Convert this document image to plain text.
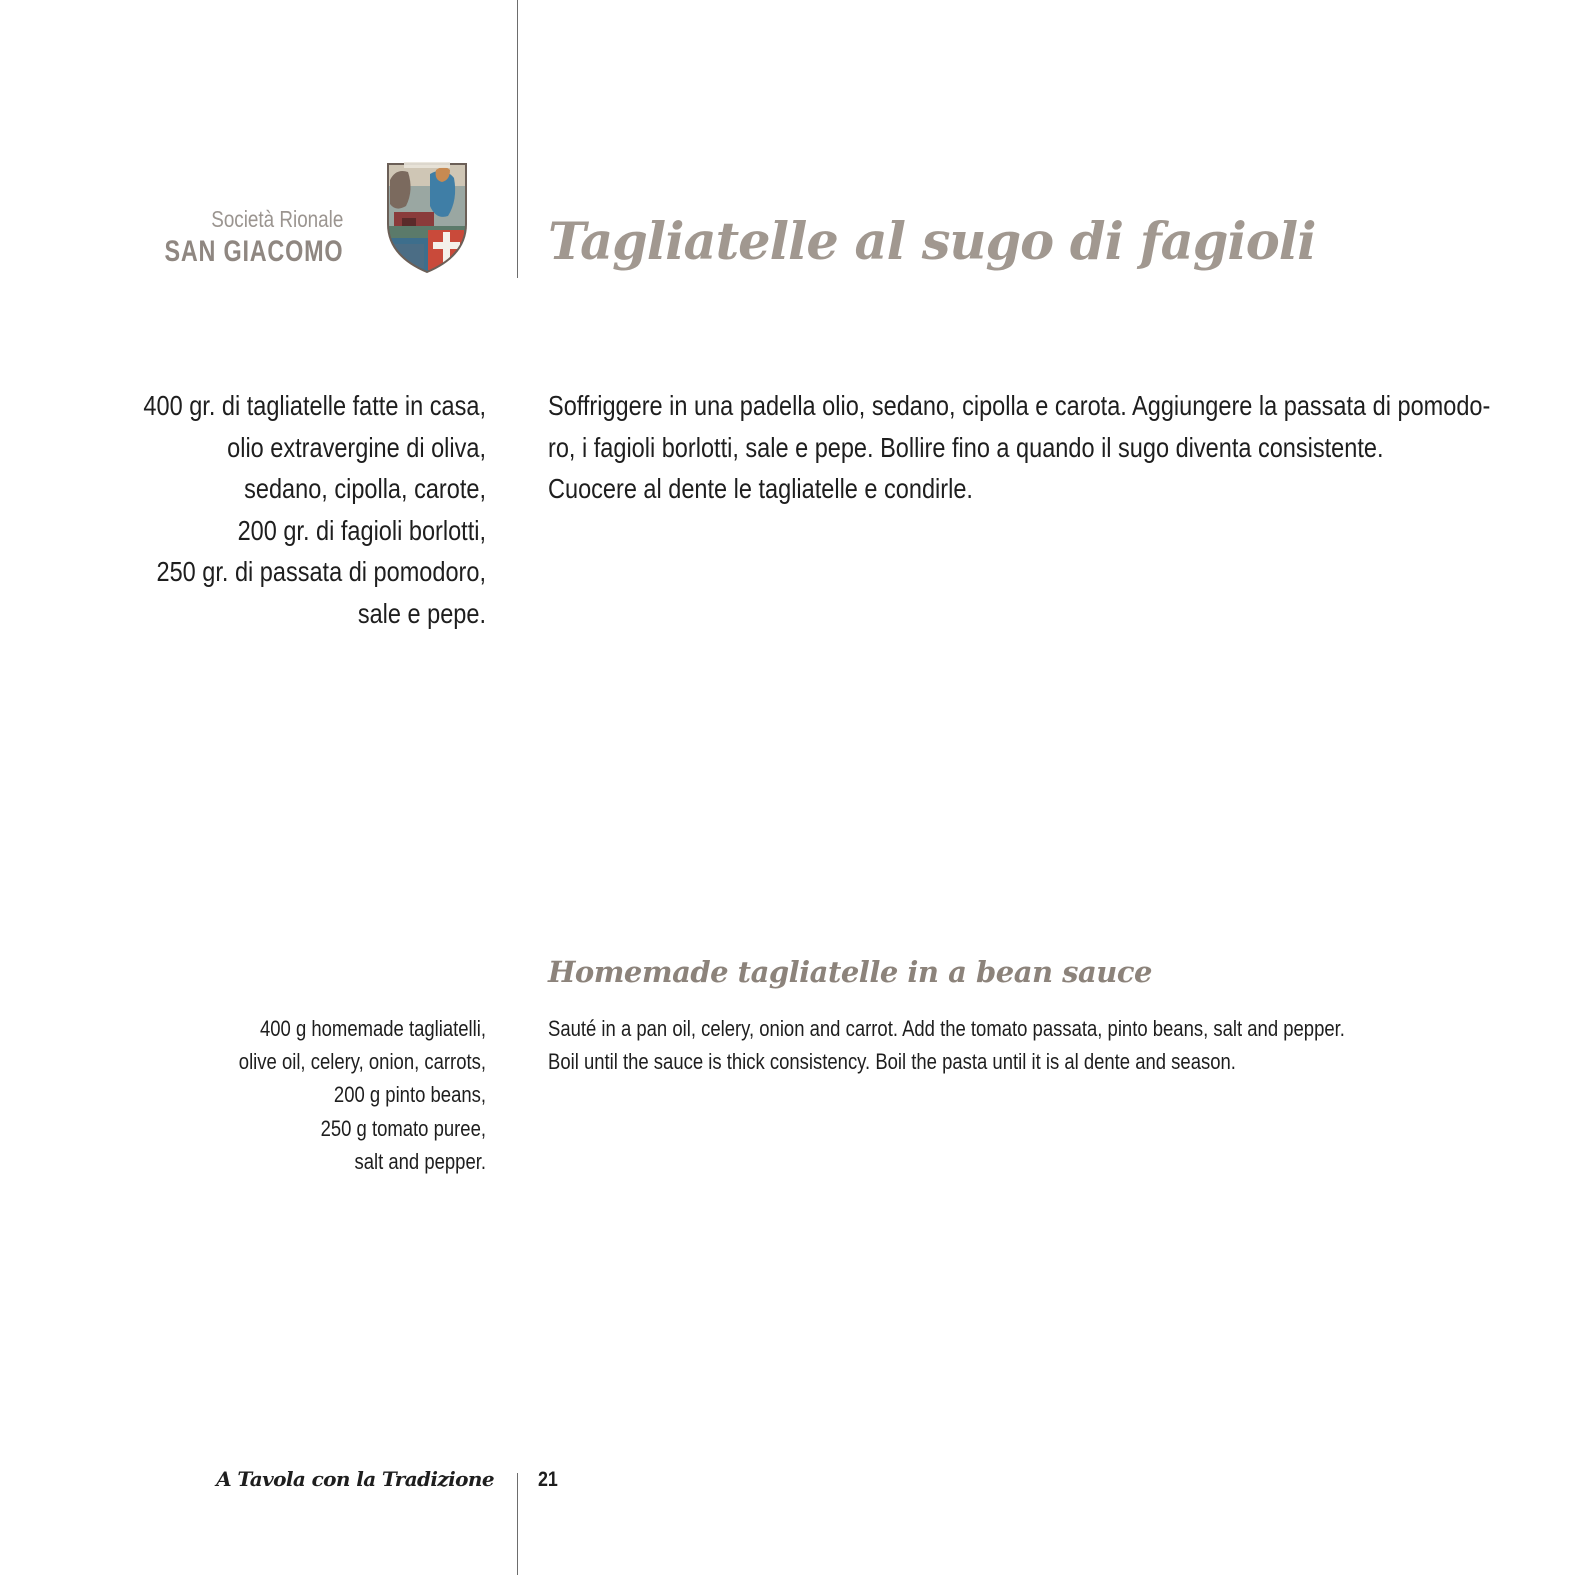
Società Rionale
SAN GIACOMO	Tagliatelle al sugo di fagioli
400 gr. di tagliatelle fatte in casa,
olio extravergine di oliva,
sedano, cipolla, carote,
200 gr. di fagioli borlotti,
250 gr. di passata di pomodoro,
sale e pepe.
Soffriggere in una padella olio, sedano, cipolla e carota. Aggiungere la passata di pomodo-
ro, i fagioli borlotti, sale e pepe. Bollire fino a quando il sugo diventa consistente.
Cuocere al dente le tagliatelle e condirle.
Homemade tagliatelle in a bean sauce
400 g homemade tagliatelli,
olive oil, celery, onion, carrots,
200 g pinto beans,
250 g tomato puree,
salt and pepper.
Sauté in a pan oil, celery, onion and carrot. Add the tomato passata, pinto beans, salt and pepper.
Boil until the sauce is thick consistency. Boil the pasta until it is al dente and season.
A Tavola con la Tradizione 21
